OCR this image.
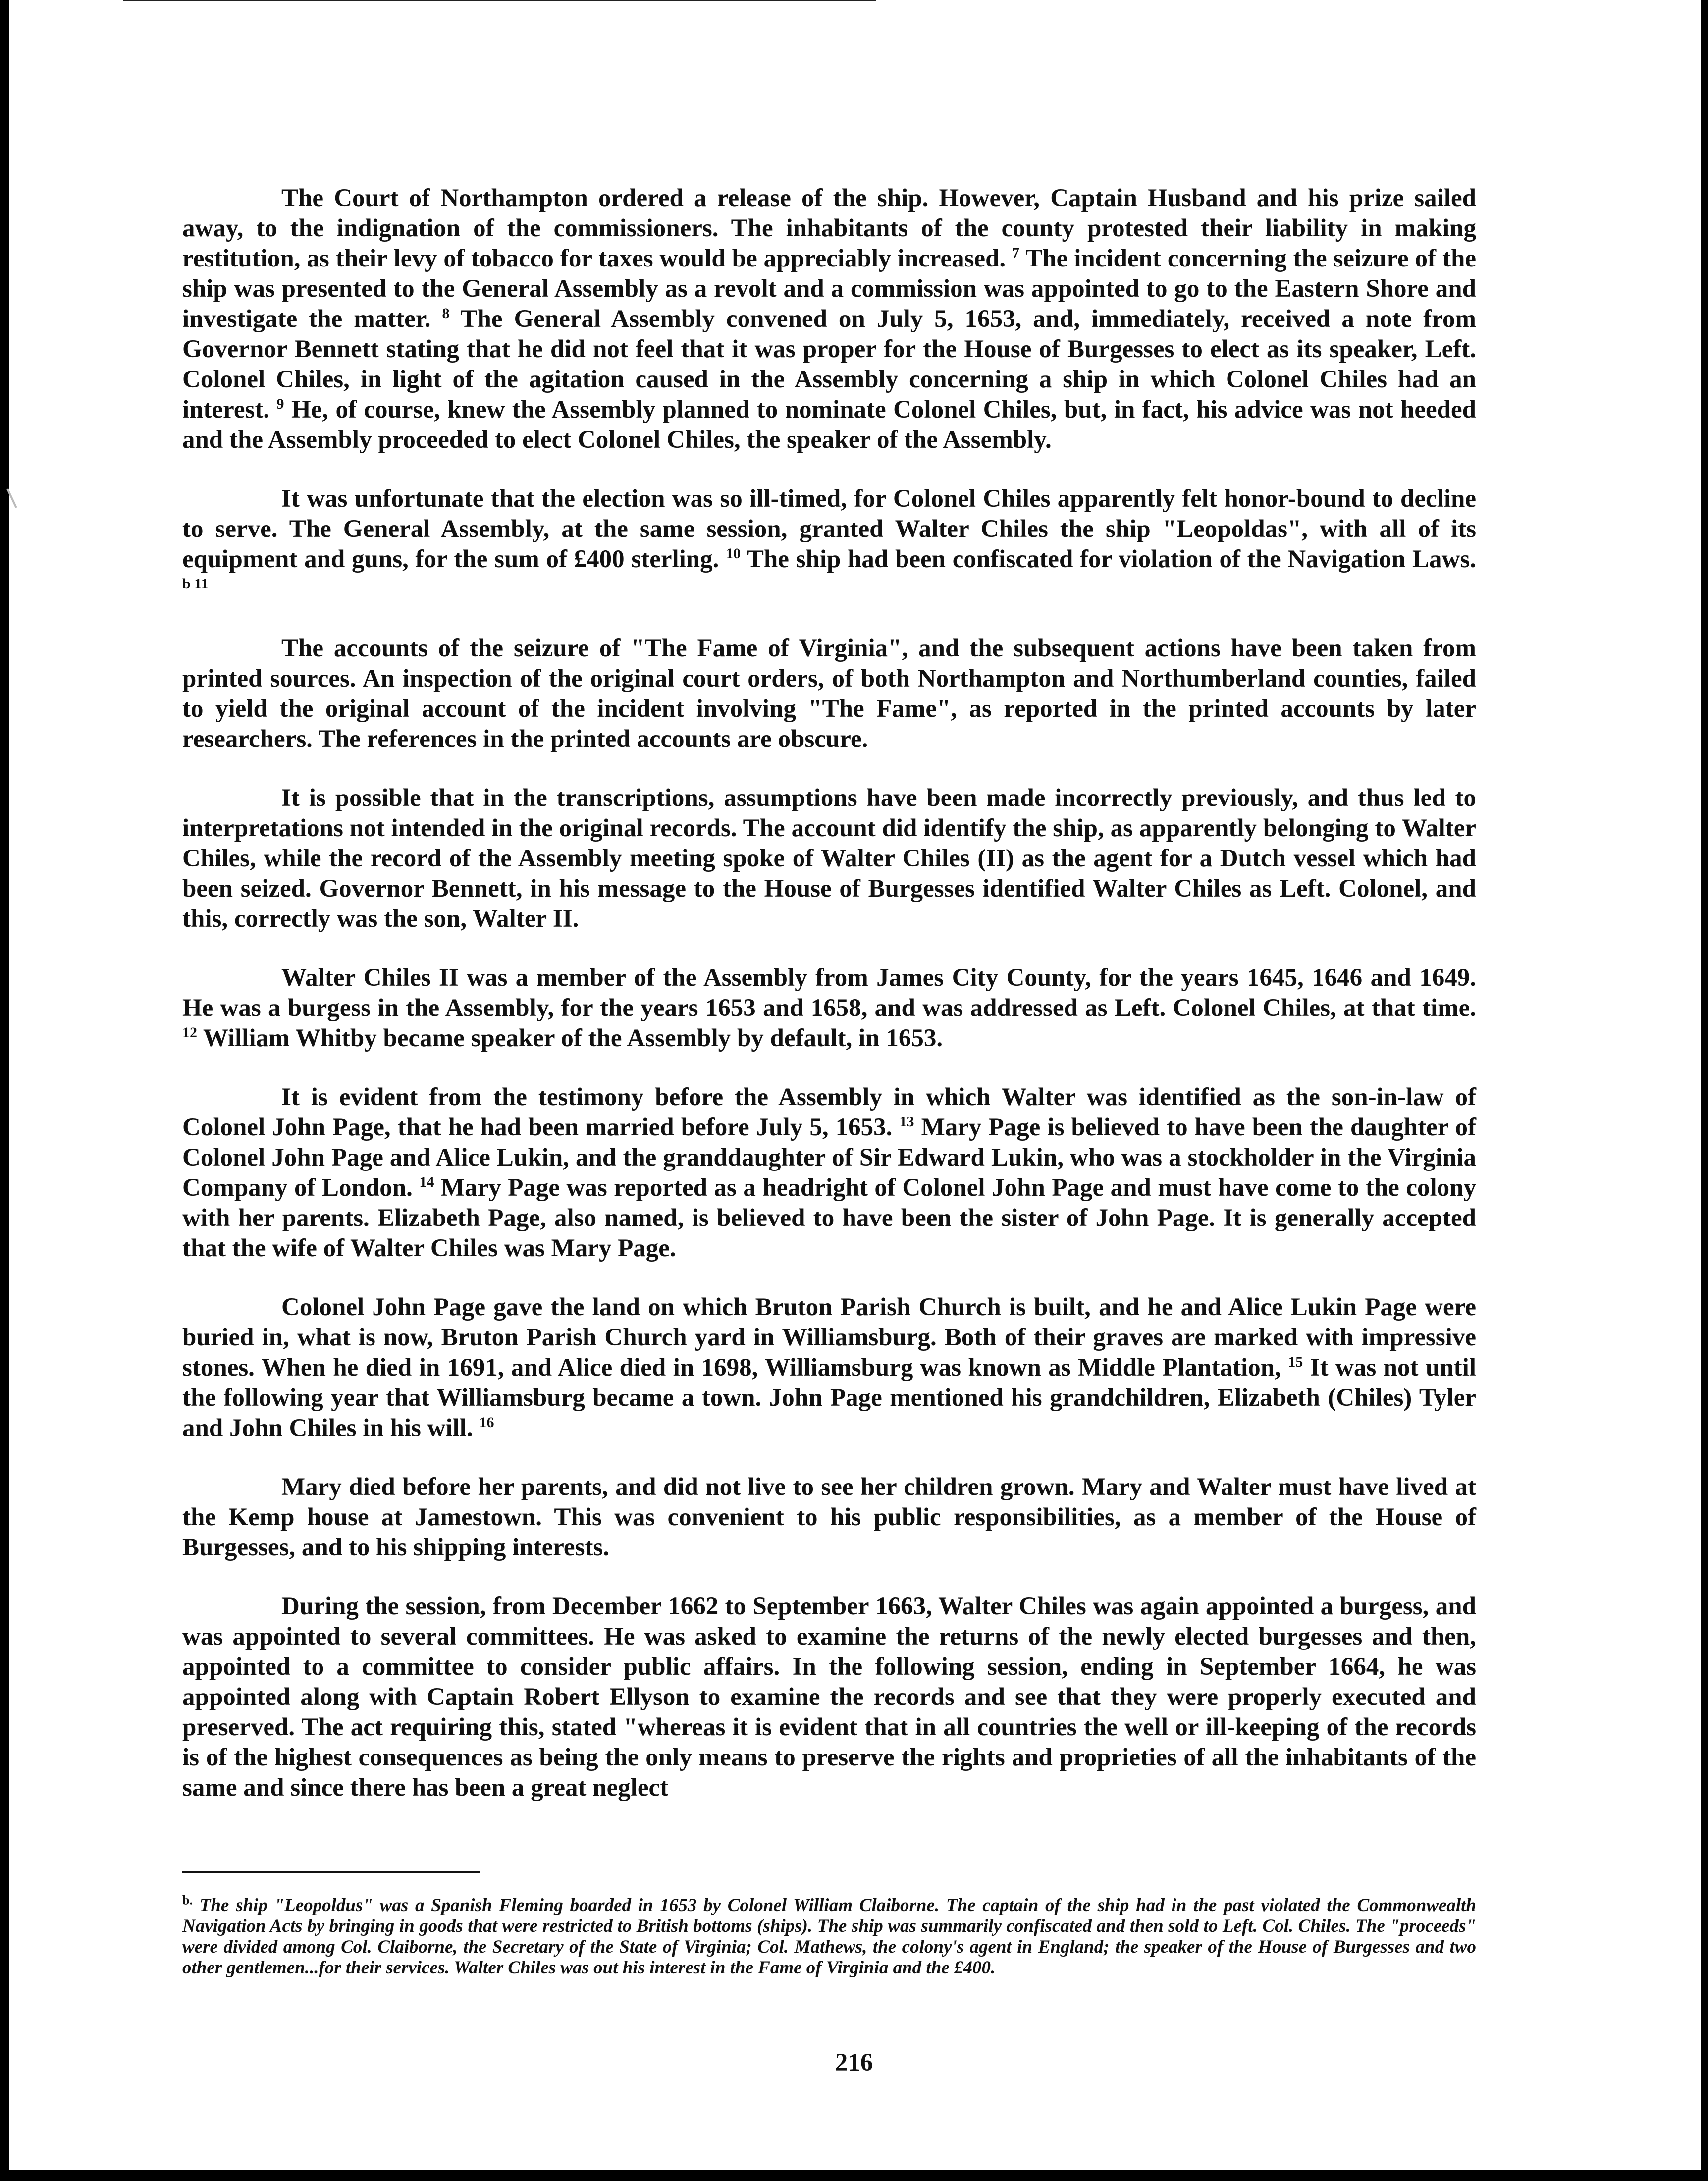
The Court of Northampton ordered a release of the ship. However, Captain Husband and his prize sailed away, to the indignation of the commissioners. The inhabitants of the county protested their liability in making restitution, as their levy of tobacco for taxes would be appreciably increased. $^7$ The incident concerning the seizure of the ship was presented to the General Assembly as a revolt and a commission was appointed to go to the Eastern Shore and investigate the matter. $^8$ The General Assembly convened on July 5, 1653, and, immediately, received a note from Governor Bennett stating that he did not feel that it was proper for the House of Burgesses to elect as its speaker, Left. Colonel Chiles, in light of the agitation caused in the Assembly concerning a ship in which Colonel Chiles had an interest. $^9$ He, of course, knew the Assembly planned to nominate Colonel Chiles, but, in fact, his advice was not heeded and the Assembly proceeded to elect Colonel Chiles, the speaker of the Assembly.

It was unfortunate that the election was so ill-timed, for Colonel Chiles apparently felt honor-bound to decline to serve. The General Assembly, at the same session, granted Walter Chiles the ship "Leopoldas", with all of its equipment and guns, for the sum of £400 sterling. $^{10}$ The ship had been confiscated for violation of the Navigation Laws. $^{b 11}$

The accounts of the seizure of "The Fame of Virginia", and the subsequent actions have been taken from printed sources. An inspection of the original court orders, of both Northampton and Northumberland counties, failed to yield the original account of the incident involving "The Fame", as reported in the printed accounts by later researchers. The references in the printed accounts are obscure.

It is possible that in the transcriptions, assumptions have been made incorrectly previously, and thus led to interpretations not intended in the original records. The account did identify the ship, as apparently belonging to Walter Chiles, while the record of the Assembly meeting spoke of Walter Chiles (II) as the agent for a Dutch vessel which had been seized. Governor Bennett, in his message to the House of Burgesses identified Walter Chiles as Left. Colonel, and this, correctly was the son, Walter II.

Walter Chiles II was a member of the Assembly from James City County, for the years 1645, 1646 and 1649. He was a burgess in the Assembly, for the years 1653 and 1658, and was addressed as Left. Colonel Chiles, at that time. $^{12}$ William Whitby became speaker of the Assembly by default, in 1653.

It is evident from the testimony before the Assembly in which Walter was identified as the son-in-law of Colonel John Page, that he had been married before July 5, 1653. $^{13}$ Mary Page is believed to have been the daughter of Colonel John Page and Alice Lukin, and the granddaughter of Sir Edward Lukin, who was a stockholder in the Virginia Company of London. $^{14}$ Mary Page was reported as a headright of Colonel John Page and must have come to the colony with her parents. Elizabeth Page, also named, is believed to have been the sister of John Page. It is generally accepted that the wife of Walter Chiles was Mary Page.

Colonel John Page gave the land on which Bruton Parish Church is built, and he and Alice Lukin Page were buried in, what is now, Bruton Parish Church yard in Williamsburg. Both of their graves are marked with impressive stones. When he died in 1691, and Alice died in 1698, Williamsburg was known as Middle Plantation, $^{15}$ It was not until the following year that Williamsburg became a town. John Page mentioned his grandchildren, Elizabeth (Chiles) Tyler and John Chiles in his will. $^{16}$

Mary died before her parents, and did not live to see her children grown. Mary and Walter must have lived at the Kemp house at Jamestown. This was convenient to his public responsibilities, as a member of the House of Burgesses, and to his shipping interests.

During the session, from December 1662 to September 1663, Walter Chiles was again appointed a burgess, and was appointed to several committees. He was asked to examine the returns of the newly elected burgesses and then, appointed to a committee to consider public affairs. In the following session, ending in September 1664, he was appointed along with Captain Robert Ellyson to examine the records and see that they were properly executed and preserved. The act requiring this, stated "whereas it is evident that in all countries the well or ill-keeping of the records is of the highest consequences as being the only means to preserve the rights and proprieties of all the inhabitants of the same and since there has been a great neglect

$^{b.}$ The ship "Leopoldus" was a Spanish Fleming boarded in 1653 by Colonel William Claiborne. The captain of the ship had in the past violated the Commonwealth Navigation Acts by bringing in goods that were restricted to British bottoms (ships). The ship was summarily confiscated and then sold to Left. Col. Chiles. The "proceeds" were divided among Col. Claiborne, the Secretary of the State of Virginia; Col. Mathews, the colony's agent in England; the speaker of the House of Burgesses and two other gentlemen...for their services. Walter Chiles was out his interest in the Fame of Virginia and the £400.
216
